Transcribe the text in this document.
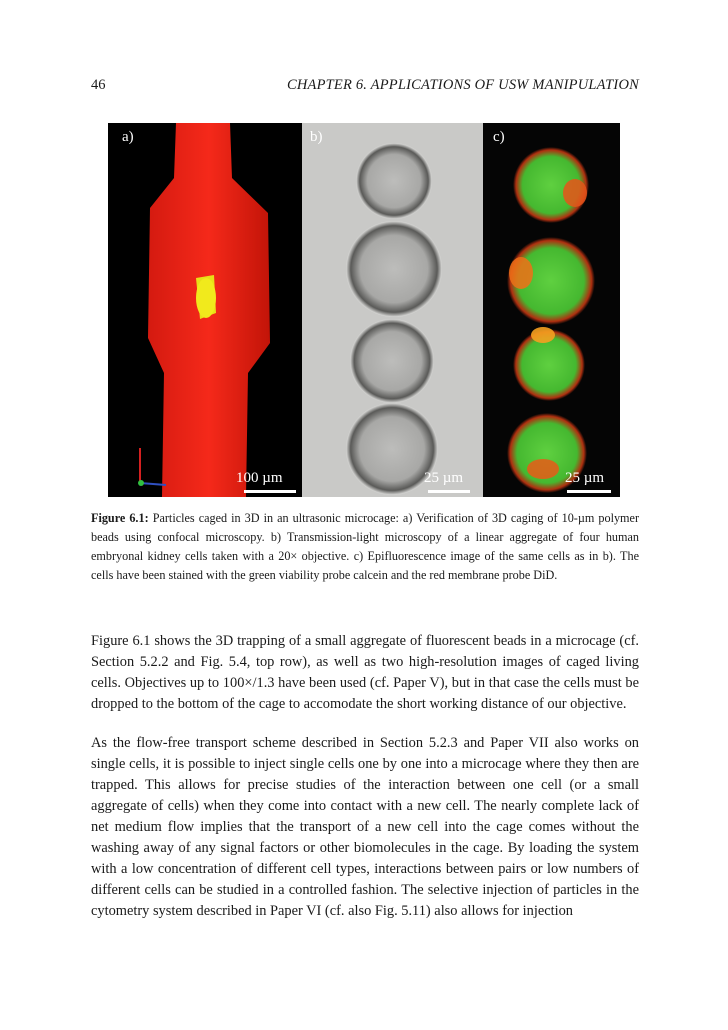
46	CHAPTER 6. APPLICATIONS OF USW MANIPULATION
a)
100 µm
b)
25 µm
c)
25 µm
Figure 6.1: Particles caged in 3D in an ultrasonic microcage: a) Verification of 3D caging of 10-µm polymer beads using confocal microscopy. b) Transmission-light microscopy of a linear aggregate of four human embryonal kidney cells taken with a 20× objective. c) Epifluorescence image of the same cells as in b). The cells have been stained with the green viability probe calcein and the red membrane probe DiD.

Figure 6.1 shows the 3D trapping of a small aggregate of fluorescent beads in a microcage (cf. Section 5.2.2 and Fig. 5.4, top row), as well as two high-resolution images of caged living cells. Objectives up to 100×/1.3 have been used (cf. Paper V), but in that case the cells must be dropped to the bottom of the cage to accomodate the short working distance of our objective.

As the flow-free transport scheme described in Section 5.2.3 and Paper VII also works on single cells, it is possible to inject single cells one by one into a microcage where they then are trapped. This allows for precise studies of the interaction between one cell (or a small aggregate of cells) when they come into contact with a new cell. The nearly complete lack of net medium flow implies that the transport of a new cell into the cage comes without the washing away of any signal factors or other biomolecules in the cage. By loading the system with a low concentration of different cell types, interactions between pairs or low numbers of different cells can be studied in a controlled fashion. The selective injection of particles in the cytometry system described in Paper VI (cf. also Fig. 5.11) also allows for injection
